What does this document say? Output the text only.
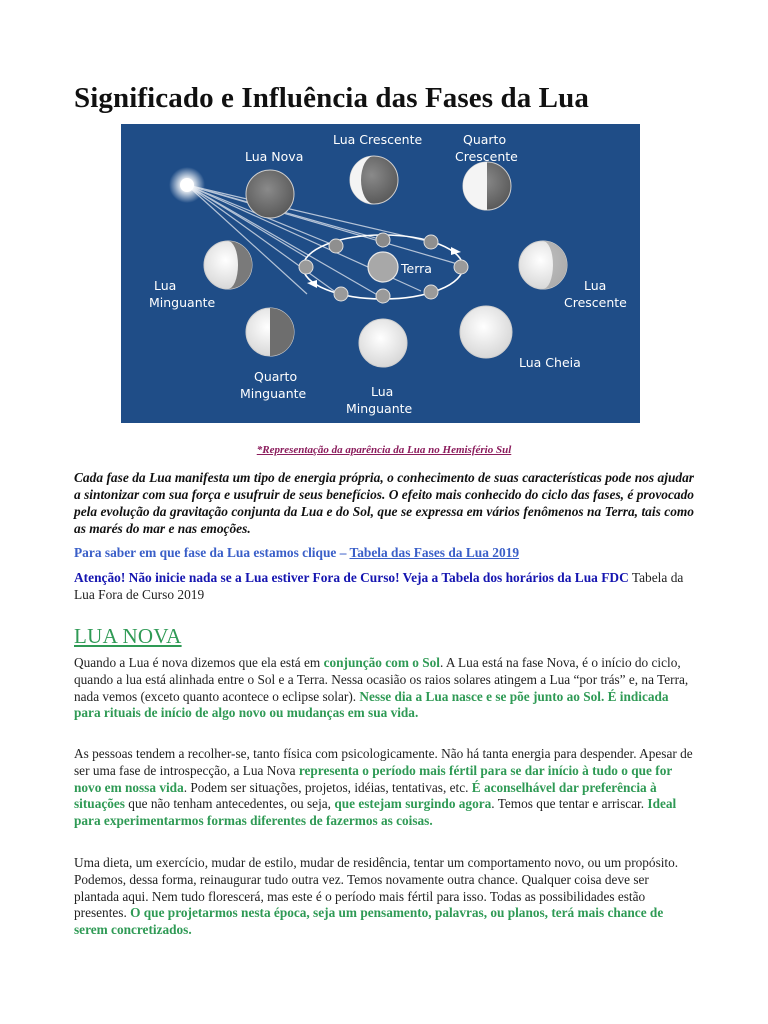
Significado e Influência das Fases da Lua
Terra
Lua Nova
Lua Crescente	Quarto
Crescente
Lua
Minguante
Lua
Crescente
Quarto
Minguante	Lua
Minguante
Lua Cheia
*Representação da aparência da Lua no Hemisfério Sul

Cada fase da Lua manifesta um tipo de energia própria, o conhecimento de suas características pode nos ajudar a sintonizar com sua força e usufruir de seus benefícios. O efeito mais conhecido do ciclo das fases, é provocado pela evolução da gravitação conjunta da Lua e do Sol, que se expressa em vários fenômenos na Terra, tais como as marés do mar e nas emoções.

Para saber em que fase da Lua estamos clique – Tabela das Fases da Lua 2019

Atenção! Não inicie nada se a Lua estiver Fora de Curso! Veja a Tabela dos horários da Lua FDC Tabela da Lua Fora de Curso 2019

LUA NOVA

Quando a Lua é nova dizemos que ela está em conjunção com o Sol. A Lua está na fase Nova, é o início do ciclo, quando a lua está alinhada entre o Sol e a Terra. Nessa ocasião os raios solares atingem a Lua “por trás” e, na Terra, nada vemos (exceto quanto acontece o eclipse solar). Nesse dia a Lua nasce e se põe junto ao Sol. É indicada para rituais de início de algo novo ou mudanças em sua vida.

As pessoas tendem a recolher-se, tanto física com psicologicamente. Não há tanta energia para despender. Apesar de ser uma fase de introspecção, a Lua Nova representa o período mais fértil para se dar início à tudo o que for novo em nossa vida. Podem ser situações, projetos, idéias, tentativas, etc. É aconselhável dar preferência à situações que não tenham antecedentes, ou seja, que estejam surgindo agora. Temos que tentar e arriscar. Ideal para experimentarmos formas diferentes de fazermos as coisas.

Uma dieta, um exercício, mudar de estilo, mudar de residência, tentar um comportamento novo, ou um propósito. Podemos, dessa forma, reinaugurar tudo outra vez. Temos novamente outra chance. Qualquer coisa deve ser plantada aqui. Nem tudo florescerá, mas este é o período mais fértil para isso. Todas as possibilidades estão presentes. O que projetarmos nesta época, seja um pensamento, palavras, ou planos, terá mais chance de serem concretizados.
